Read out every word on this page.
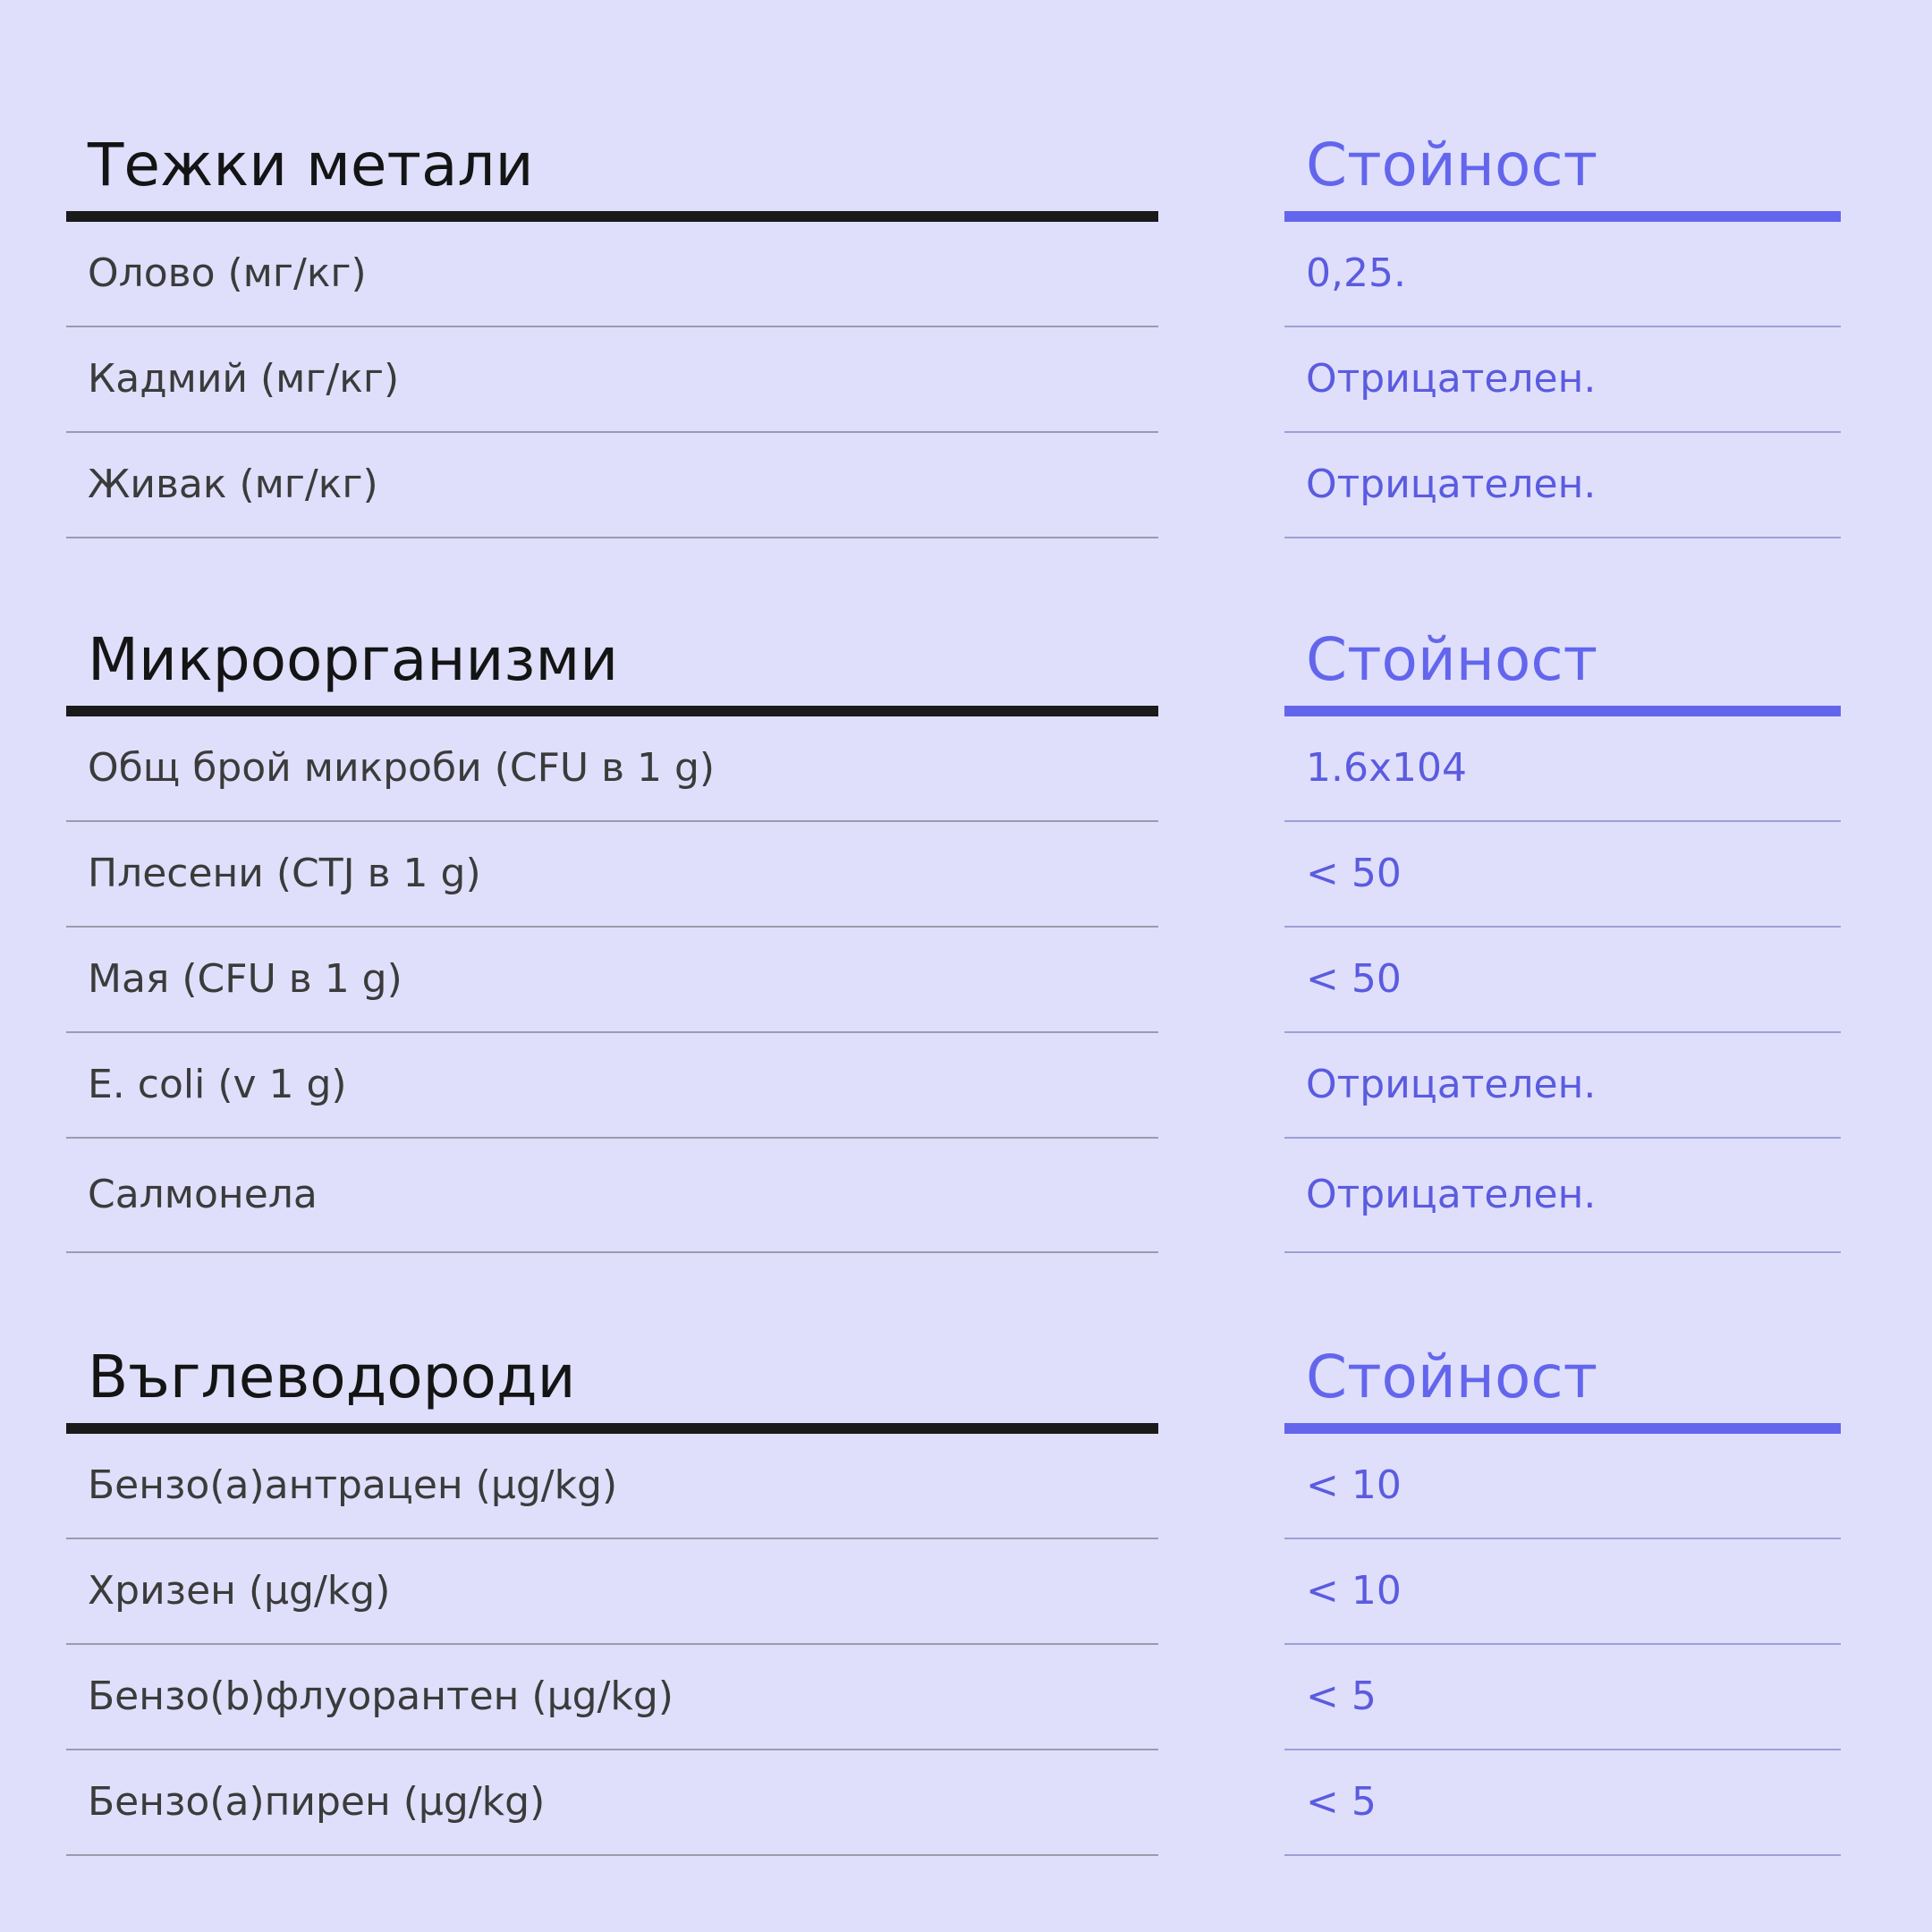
Тежки метали
Олово (мг/кг)
Кадмий (мг/кг)
Живак (мг/кг)
Стойност
0,25.
Отрицателен.
Отрицателен.
Микроорганизми
Общ брой микроби (CFU в 1 g)
Плесени (CTJ в 1 g)
Мая (CFU в 1 g)
E. coli (v 1 g)
Салмонела
Стойност
1.6x104
< 50
< 50
Отрицателен.
Отрицателен.
Въглеводороди
Бензо(а)антрацен (µg/kg)
Хризен (µg/kg)
Бензо(b)флуорантен (µg/kg)
Бензо(а)пирен (µg/kg)
Стойност
< 10
< 10
< 5
< 5
